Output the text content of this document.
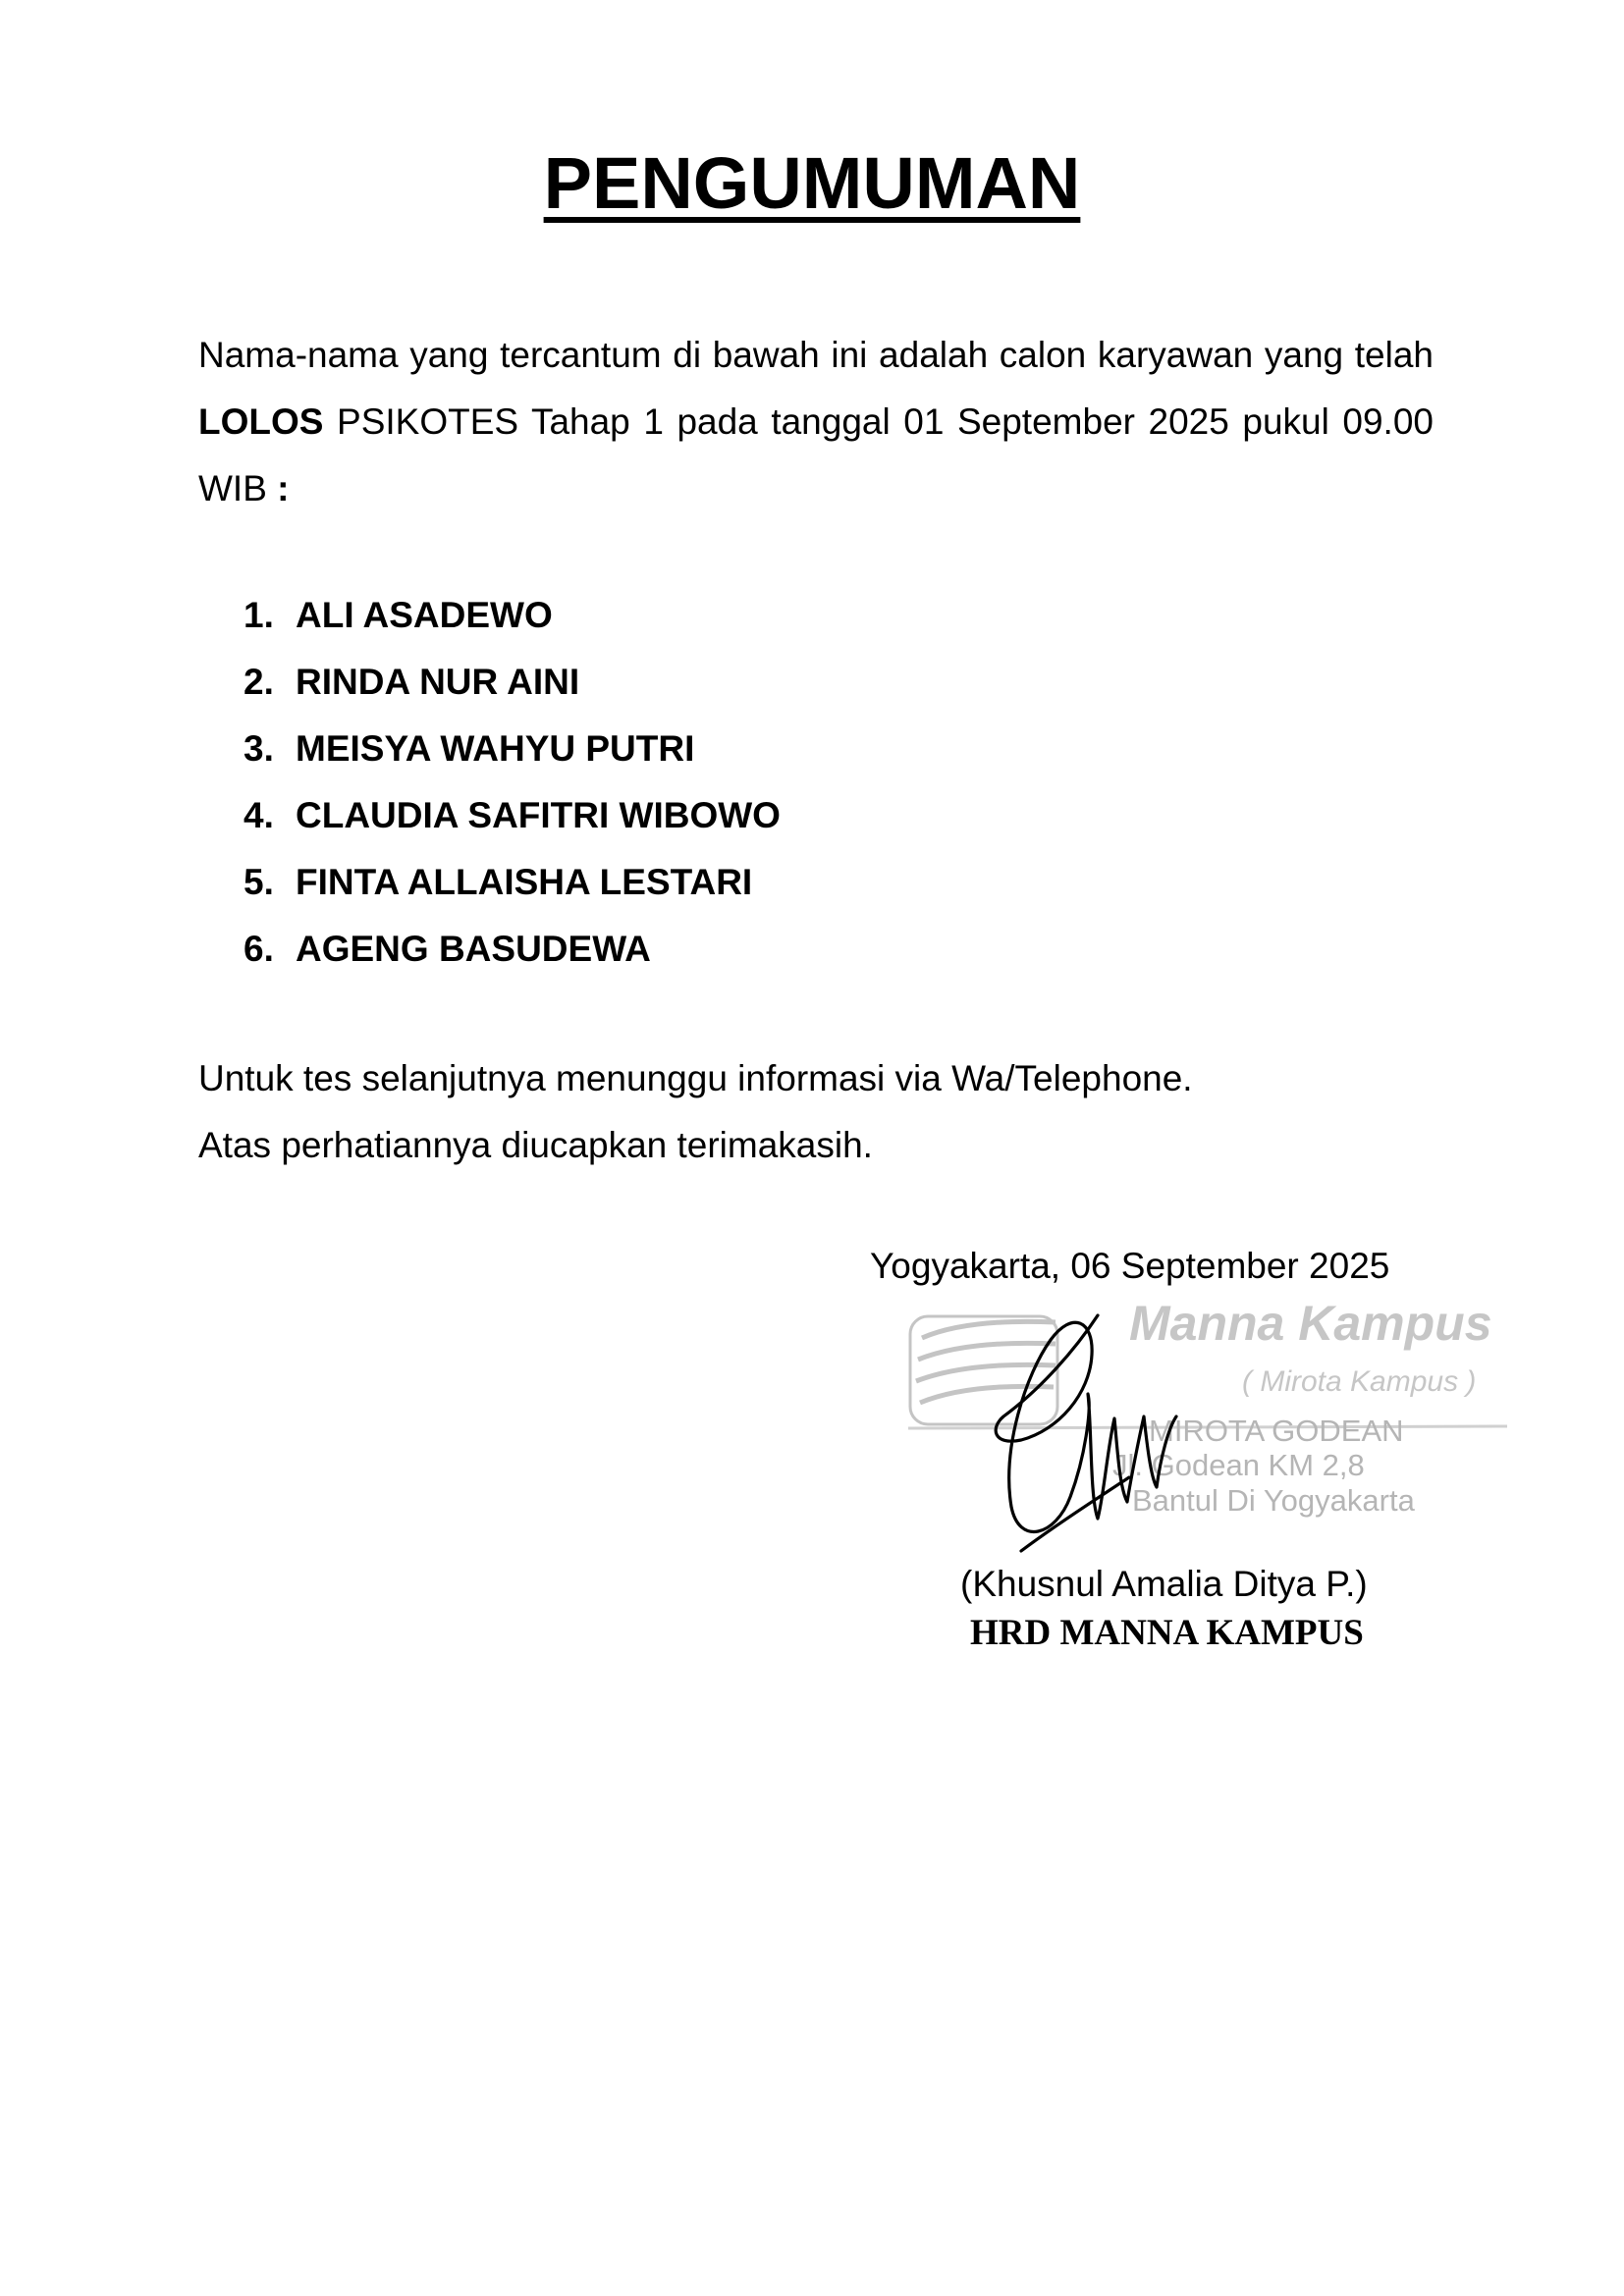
PENGUMUMAN
Nama-nama yang tercantum di bawah ini adalah calon karyawan yang telah LOLOS PSIKOTES Tahap 1 pada tanggal 01 September 2025 pukul 09.00 WIB :
1. ALI ASADEWO
2. RINDA NUR AINI
3. MEISYA WAHYU PUTRI
4. CLAUDIA SAFITRI WIBOWO
5. FINTA ALLAISHA LESTARI
6. AGENG BASUDEWA
Untuk tes selanjutnya menunggu informasi via Wa/Telephone.
Atas perhatiannya diucapkan terimakasih.
Yogyakarta, 06 September 2025
Manna Kampus
( Mirota Kampus )
MIROTA GODEAN
Jl. Godean KM 2,8
Bantul Di Yogyakarta
(Khusnul Amalia Ditya P.)
HRD MANNA KAMPUS
